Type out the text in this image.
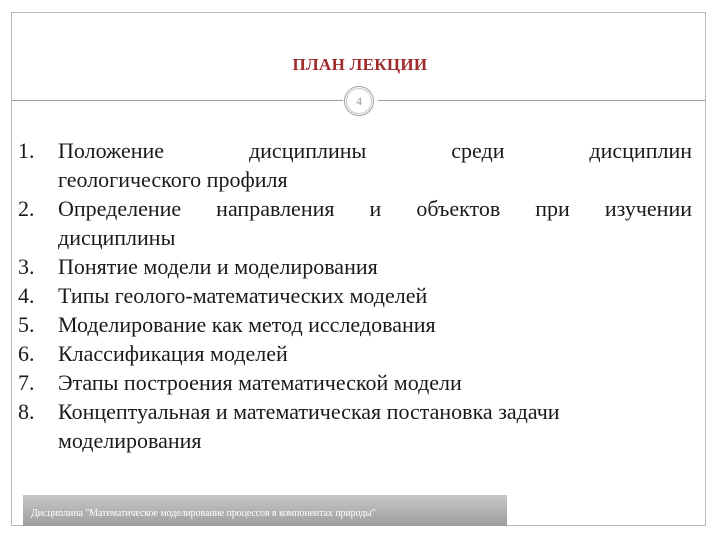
ПЛАН ЛЕКЦИИ
4
1.	Положение дисциплины среди дисциплин
геологического профиля
2.	Определение направления и объектов при изучении
дисциплины
3.	Понятие модели и моделирования
4.	Типы геолого-математических моделей
5.	Моделирование как метод исследования
6.	Классификация моделей
7.	Этапы построения математической модели
8.	Концептуальная и математическая постановка задачи
моделирования
Дисциплина "Математическое моделирование процессов в компонентах природы"
